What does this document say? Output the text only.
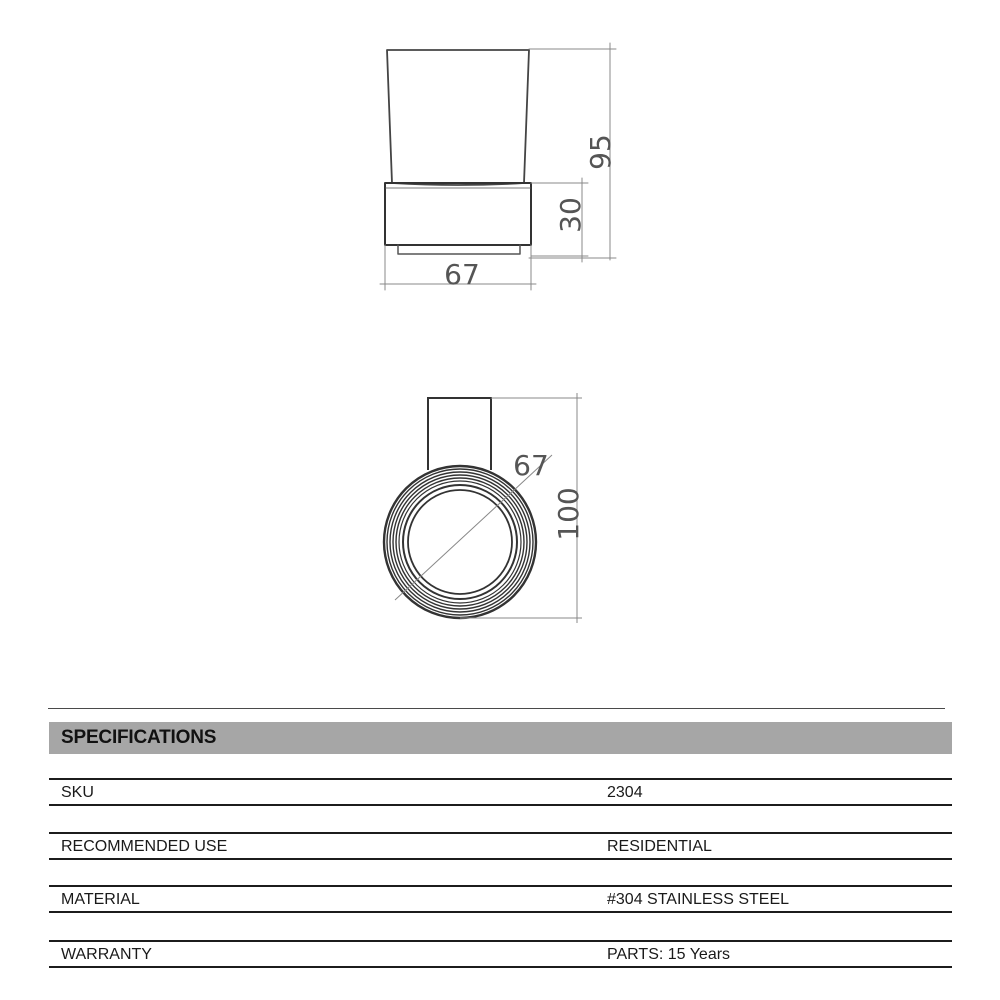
95
30
67
67
100
SPECIFICATIONS
SKU	2304
RECOMMENDED USE	RESIDENTIAL
MATERIAL	#304 STAINLESS STEEL
WARRANTY	PARTS: 15 Years
